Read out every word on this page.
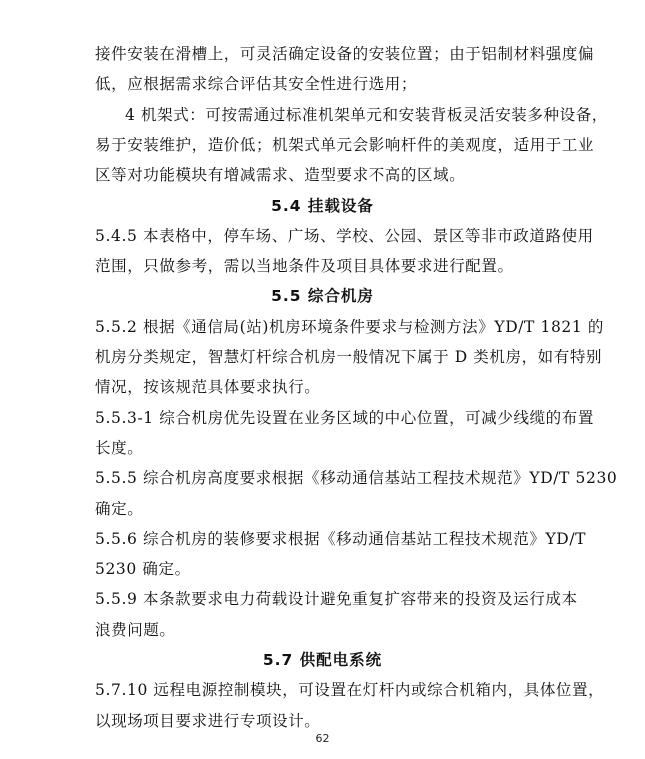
接件安装在滑槽上，可灵活确定设备的安装位置；由于铝制材料强度偏
低，应根据需求综合评估其安全性进行选用；
4 机架式：可按需通过标准机架单元和安装背板灵活安装多种设备，
易于安装维护，造价低；机架式单元会影响杆件的美观度，适用于工业
区等对功能模块有增减需求、造型要求不高的区域。
5.4 挂载设备
5.4.5 本表格中，停车场、广场、学校、公园、景区等非市政道路使用
范围，只做参考，需以当地条件及项目具体要求进行配置。
5.5 综合机房
5.5.2 根据《通信局(站)机房环境条件要求与检测方法》YD/T 1821 的
机房分类规定，智慧灯杆综合机房一般情况下属于 D 类机房，如有特别
情况，按该规范具体要求执行。
5.5.3-1 综合机房优先设置在业务区域的中心位置，可减少线缆的布置
长度。
5.5.5 综合机房高度要求根据《移动通信基站工程技术规范》YD/T 5230
确定。
5.5.6 综合机房的装修要求根据《移动通信基站工程技术规范》YD/T
5230 确定。
5.5.9 本条款要求电力荷载设计避免重复扩容带来的投资及运行成本
浪费问题。
5.7 供配电系统
62
5.7.10 远程电源控制模块，可设置在灯杆内或综合机箱内，具体位置，
以现场项目要求进行专项设计。
